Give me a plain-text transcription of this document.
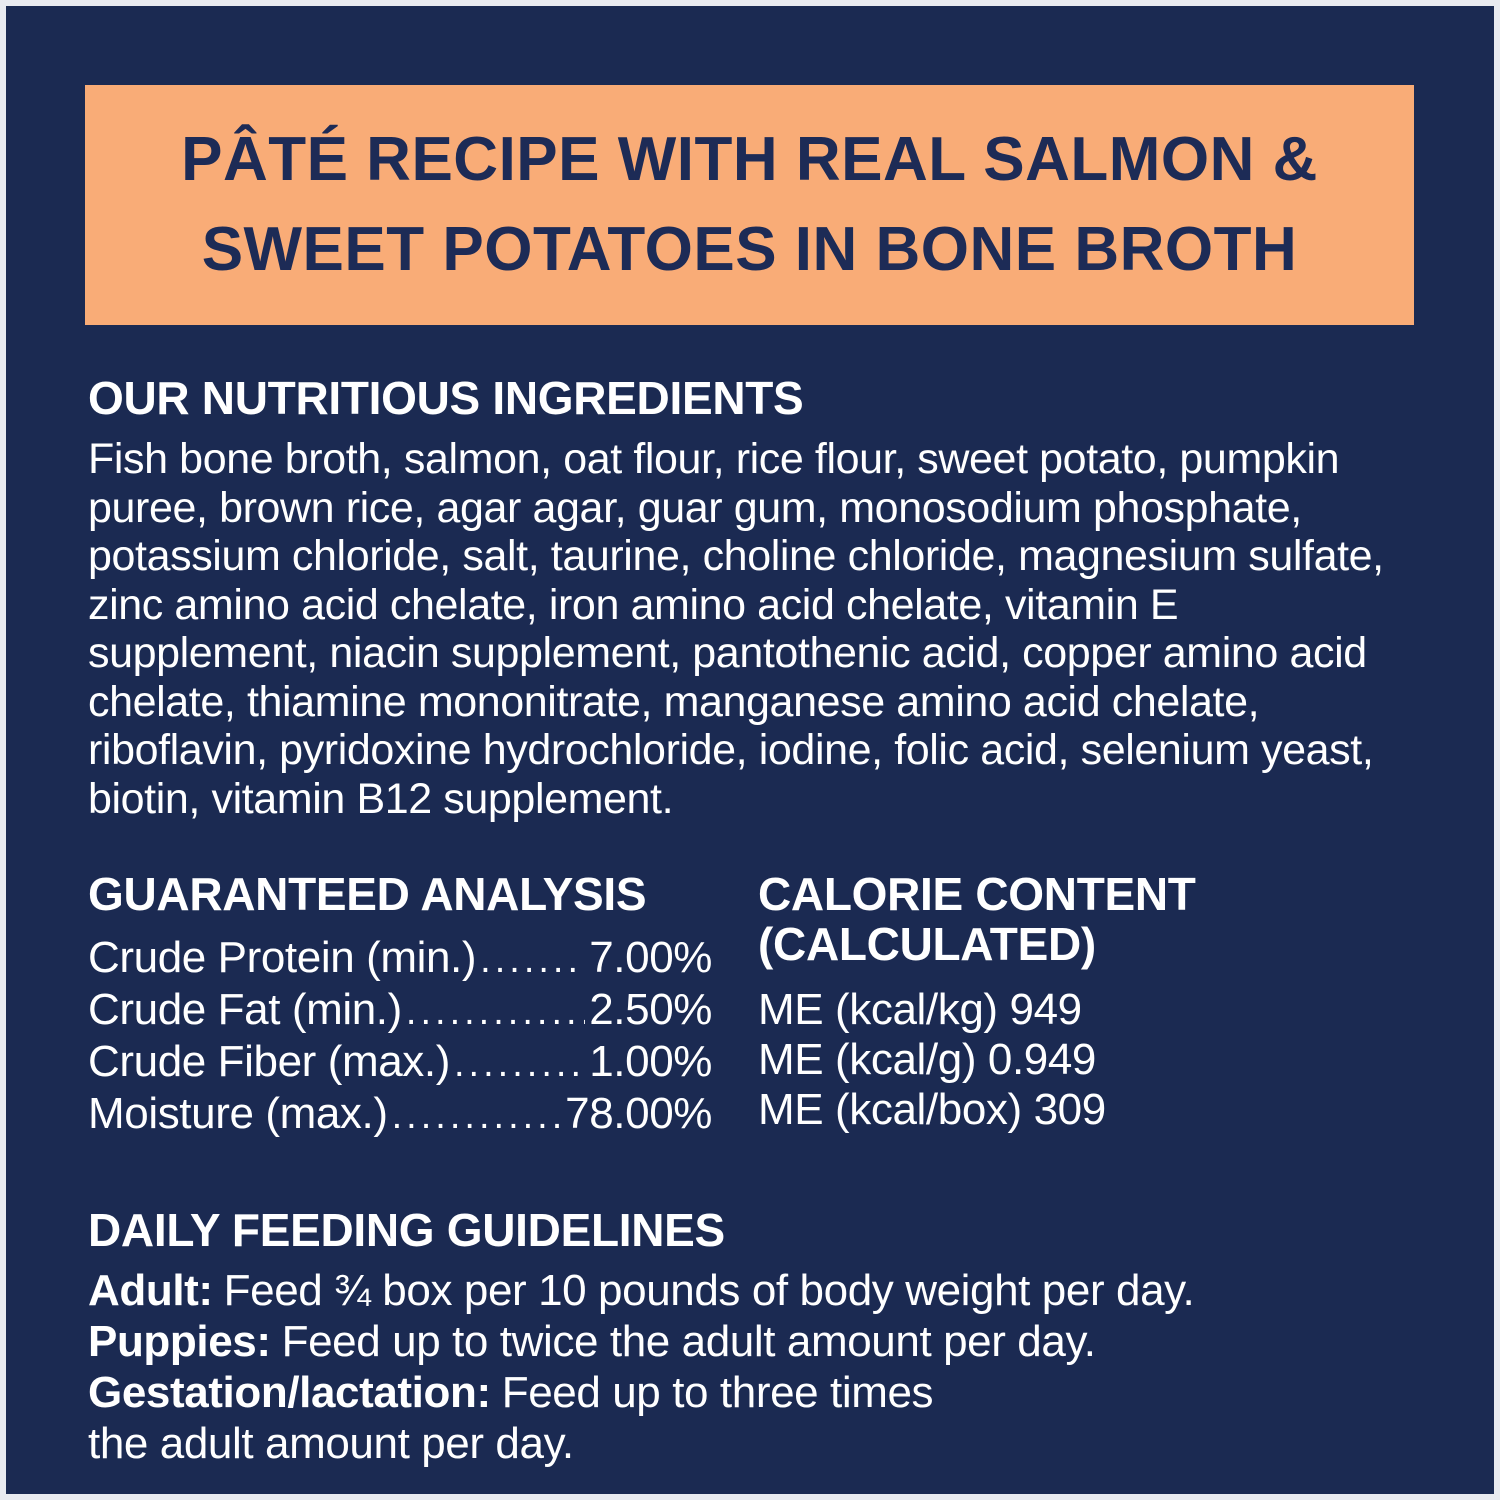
PÂTÉ RECIPE WITH REAL SALMON &
SWEET POTATOES IN BONE BROTH
OUR NUTRITIOUS INGREDIENTS

Fish bone broth, salmon, oat flour, rice flour, sweet potato, pumpkin puree, brown rice, agar agar, guar gum, monosodium phosphate, potassium chloride, salt, taurine, choline chloride, magnesium sulfate, zinc amino acid chelate, iron amino acid chelate, vitamin E supplement, niacin supplement, pantothenic acid, copper amino acid chelate, thiamine mononitrate, manganese amino acid chelate, riboflavin, pyridoxine hydrochloride, iodine, folic acid, selenium yeast, biotin, vitamin B12 supplement.

GUARANTEED ANALYSIS
Crude Protein (min.) .....	7.00%
Crude Fat (min.) .....	2.50%
Crude Fiber (max.) .....	1.00%
Moisture (max.) .....	78.00%
CALORIE CONTENT
(CALCULATED)
ME (kcal/kg) 949
ME (kcal/g) 0.949
ME (kcal/box) 309
DAILY FEEDING GUIDELINES
Adult: Feed ¾ box per 10 pounds of body weight per day.
Puppies: Feed up to twice the adult amount per day.
Gestation/lactation: Feed up to three times
the adult amount per day.
